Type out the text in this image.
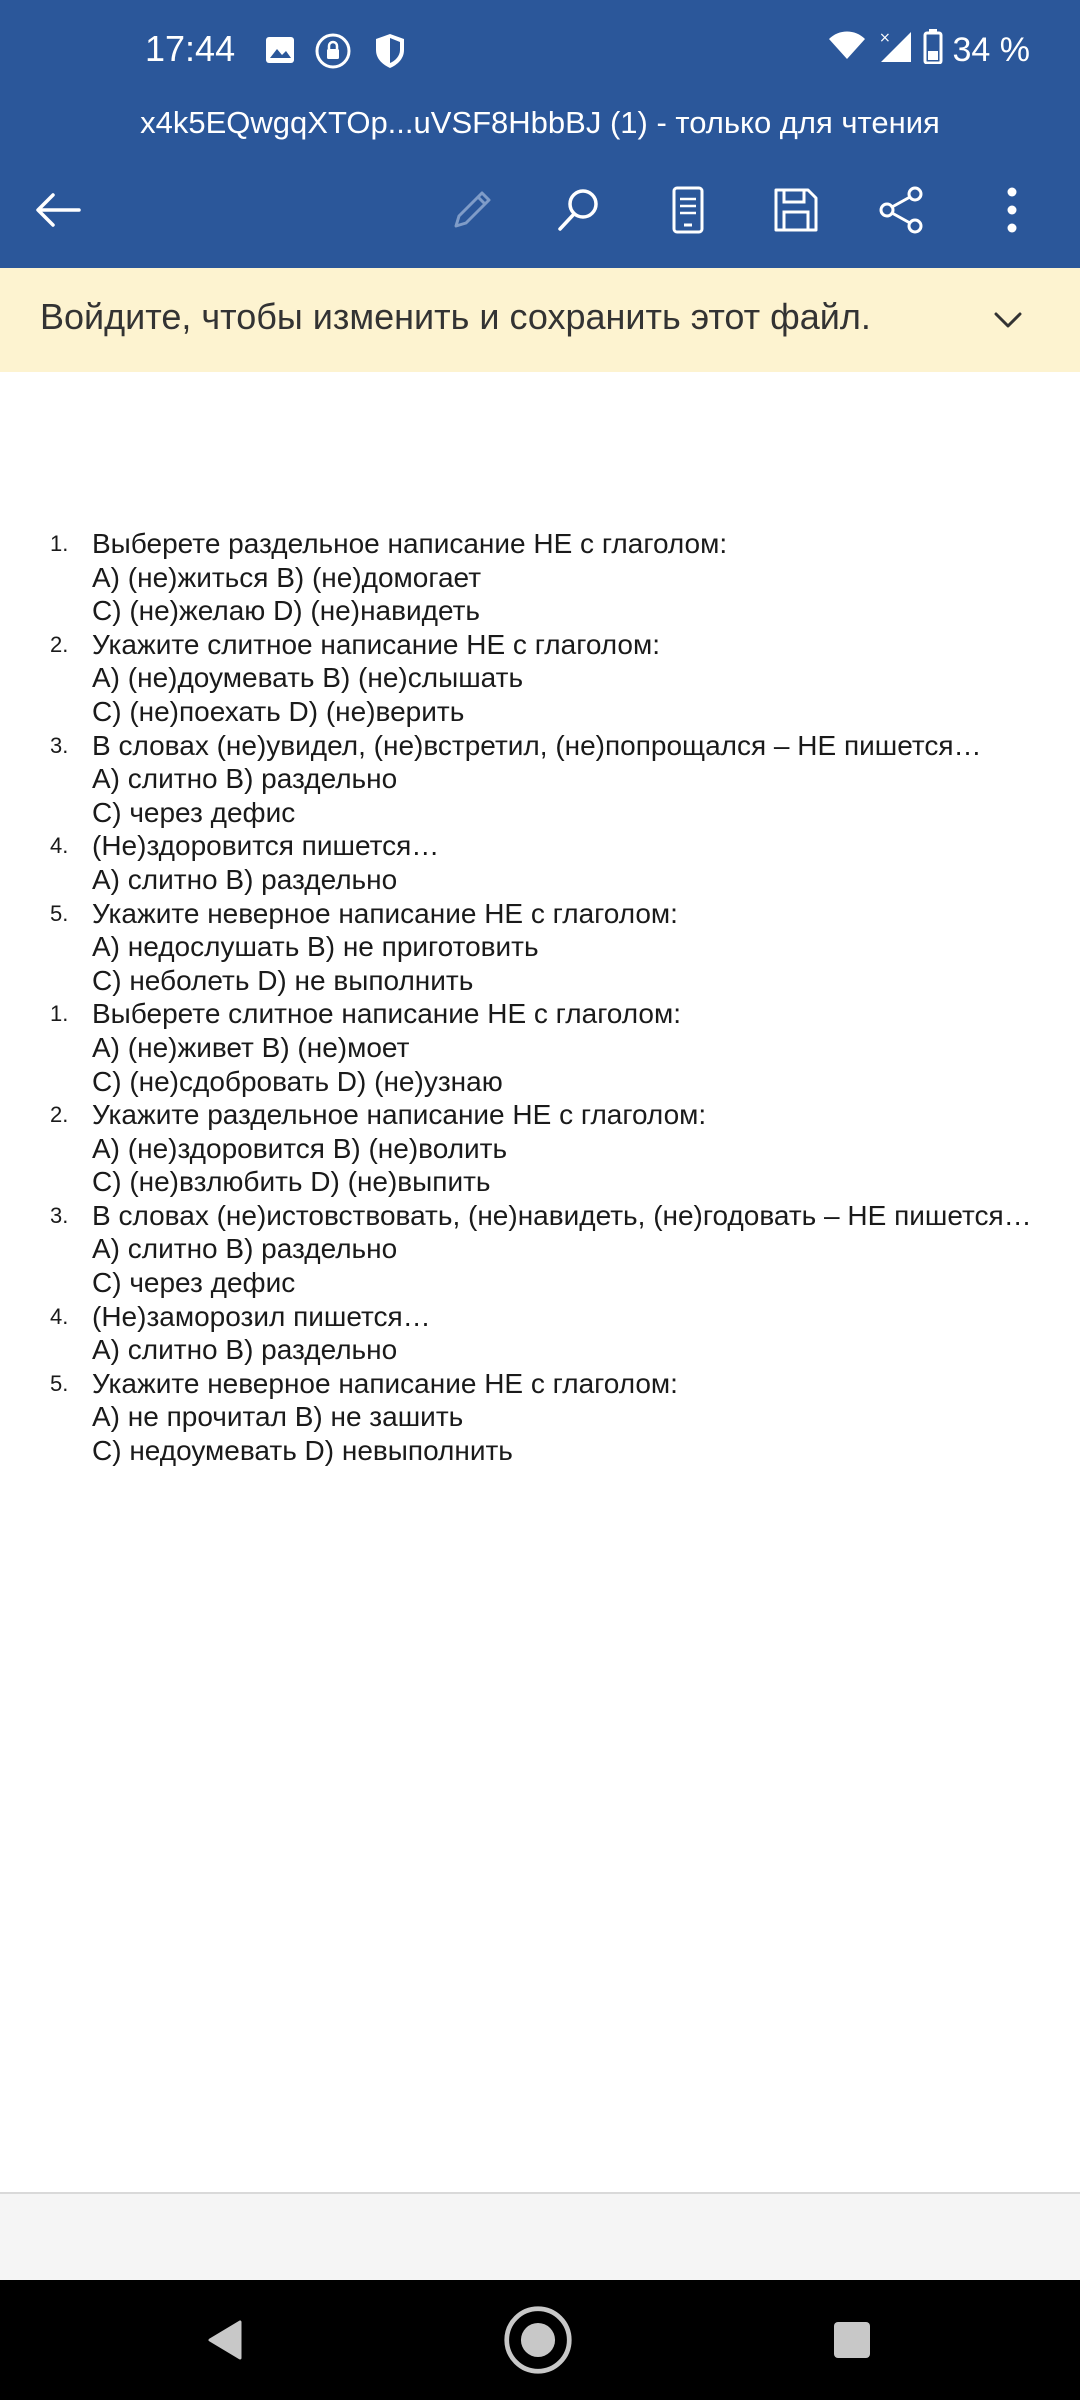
17:44	× 34 %
x4k5EQwgqXTOp...uVSF8HbbBJ (1) - только для чтения
Войдите, чтобы изменить и сохранить этот файл.
1. Выберете раздельное написание НЕ с глаголом:
А) (не)житься В) (не)домогает
С) (не)желаю D) (не)навидеть
2. Укажите слитное написание НЕ с глаголом:
А) (не)доумевать В) (не)слышать
С) (не)поехать D) (не)верить
3. В словах (не)увидел, (не)встретил, (не)попрощался – НЕ пишется…
А) слитно В) раздельно
С) через дефис
4. (Не)здоровится пишется…
А) слитно В) раздельно
5. Укажите неверное написание НЕ с глаголом:
А) недослушать В) не приготовить
С) неболеть D) не выполнить
1. Выберете слитное написание НЕ с глаголом:
А) (не)живет В) (не)моет
С) (не)сдобровать D) (не)узнаю
2. Укажите раздельное написание НЕ с глаголом:
А) (не)здоровится В) (не)волить
С) (не)взлюбить D) (не)выпить
3. В словах (не)истовствовать, (не)навидеть, (не)годовать – НЕ пишется…
А) слитно В) раздельно
С) через дефис
4. (Не)заморозил пишется…
А) слитно В) раздельно
5. Укажите неверное написание НЕ с глаголом:
А) не прочитал В) не зашить
С) недоумевать D) невыполнить
